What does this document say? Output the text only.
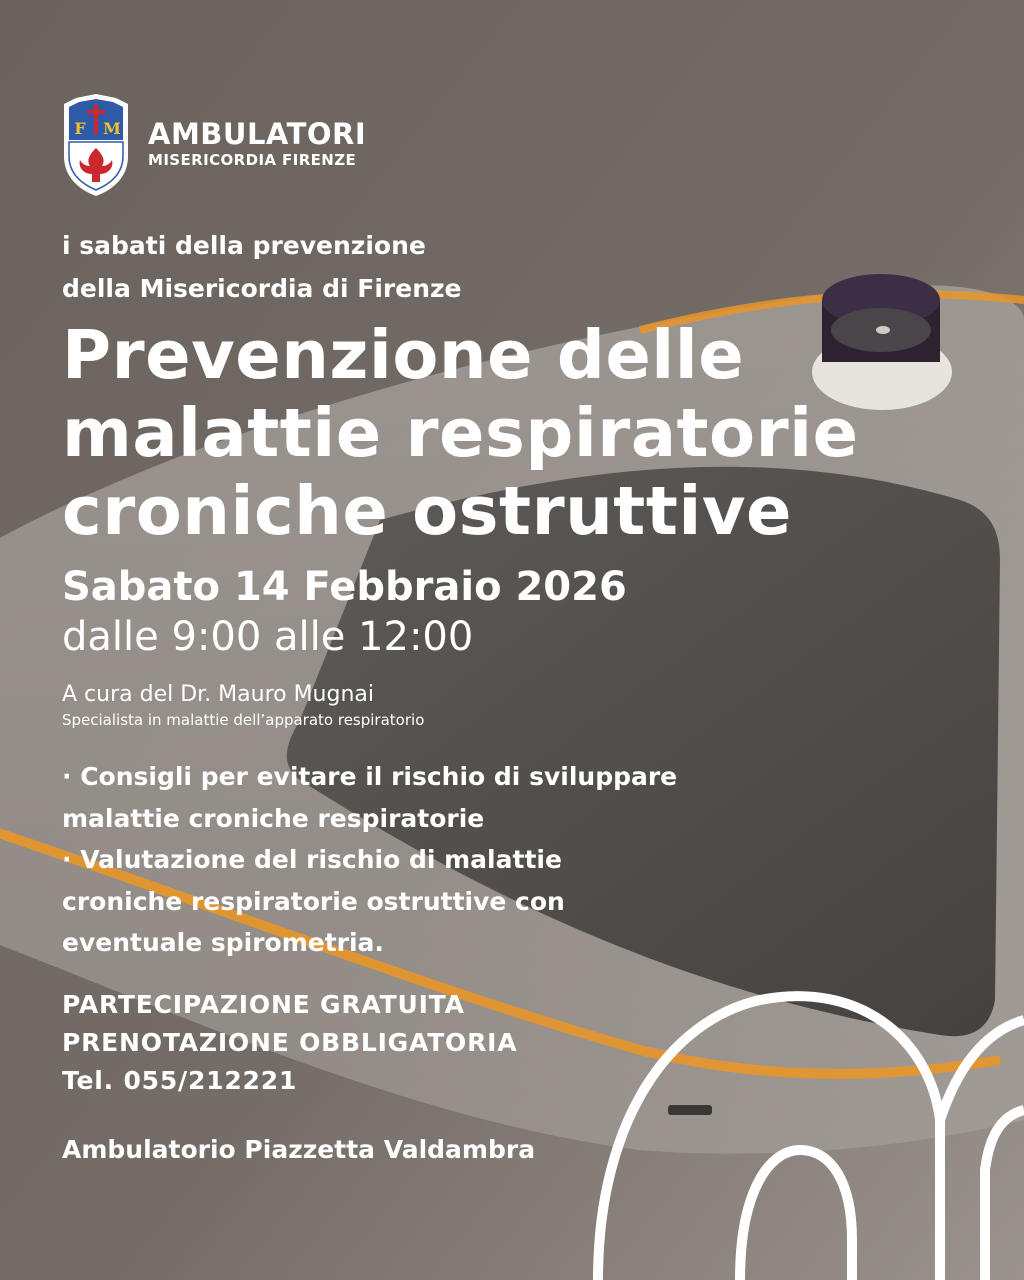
F M AMBULATORI

MISERICORDIA FIRENZE

i sabati della prevenzione
della Misericordia di Firenze

Prevenzione delle
malattie respiratorie
croniche ostruttive

Sabato 14 Febbraio 2026

dalle 9:00 alle 12:00

A cura del Dr. Mauro Mugnai

Specialista in malattie dell’apparato respiratorio

· Consigli per evitare il rischio di sviluppare
malattie croniche respiratorie
· Valutazione del rischio di malattie
croniche respiratorie ostruttive con
eventuale spirometria.

PARTECIPAZIONE GRATUITA
PRENOTAZIONE OBBLIGATORIA
Tel. 055/212221

Ambulatorio Piazzetta Valdambra
